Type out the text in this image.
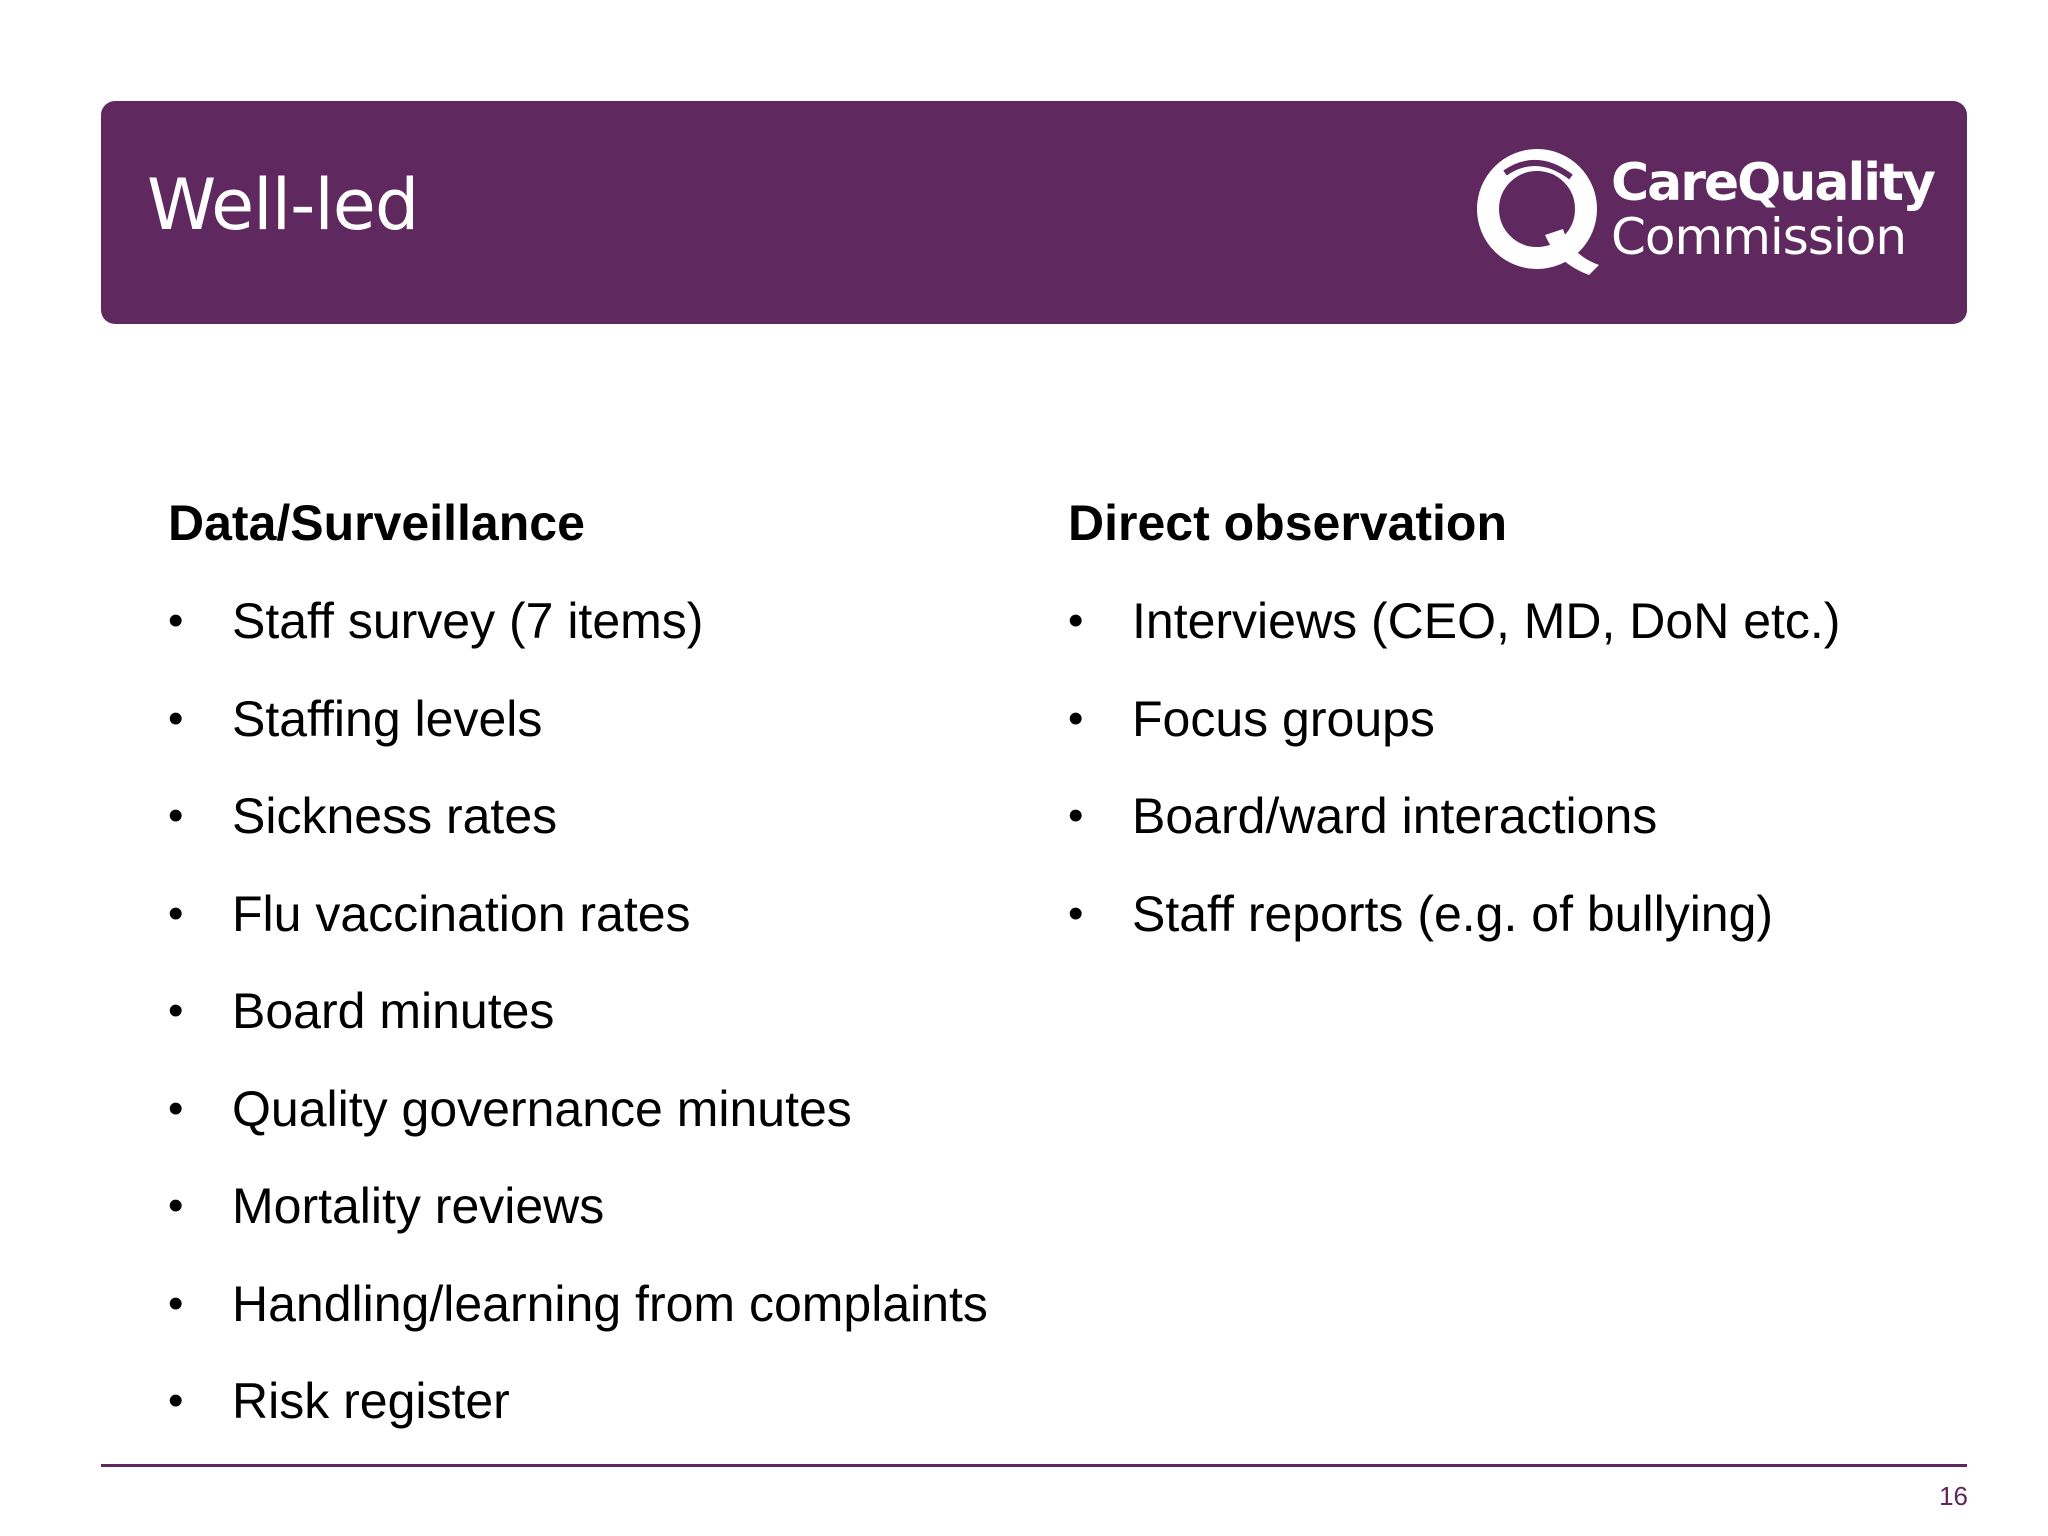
Well-led	CareQuality
Commission
Data/Surveillance
• Staff survey (7 items)
• Staffing levels
• Sickness rates
• Flu vaccination rates
• Board minutes
• Quality governance minutes
• Mortality reviews
• Handling/learning from complaints
• Risk register
Direct observation
• Interviews (CEO, MD, DoN etc.)
• Focus groups
• Board/ward interactions
• Staff reports (e.g. of bullying)
16
